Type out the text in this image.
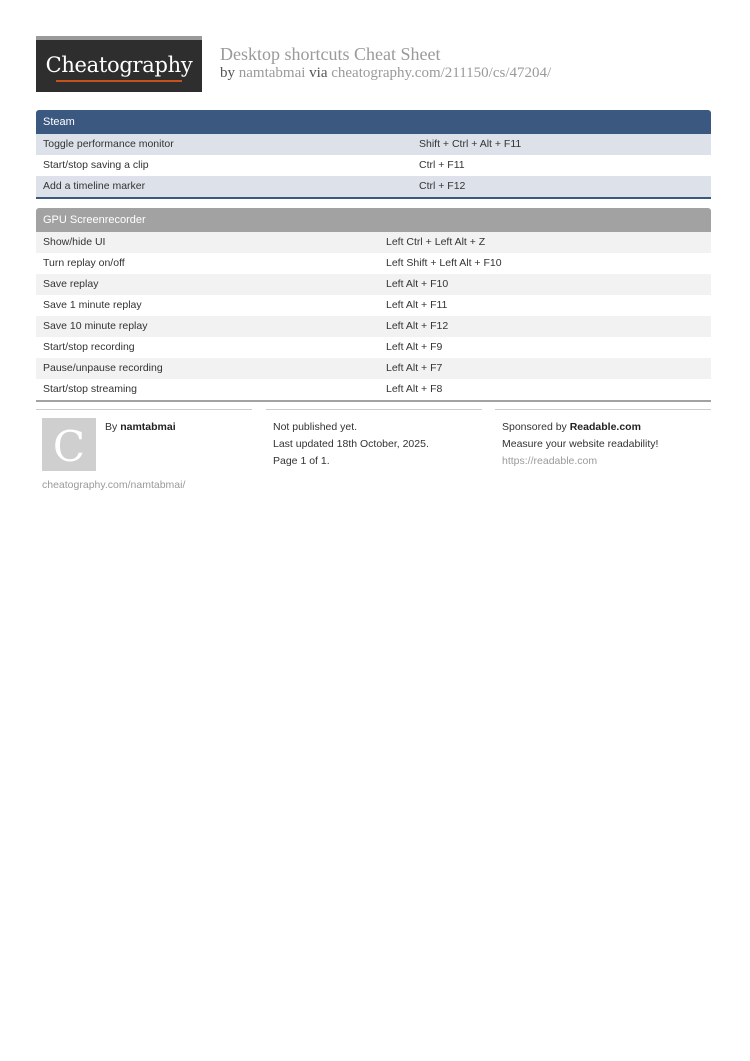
Cheatography	Desktop shortcuts Cheat Sheet
by namtabmai via cheatography.com/211150/cs/47204/
Steam
Toggle performance monitor	Shift + Ctrl + Alt + F11
Start/stop saving a clip	Ctrl + F11
Add a timeline marker	Ctrl + F12
GPU Screenrecorder
Show/hide UI	Left Ctrl + Left Alt + Z
Turn replay on/off	Left Shift + Left Alt + F10
Save replay	Left Alt + F10
Save 1 minute replay	Left Alt + F11
Save 10 minute replay	Left Alt + F12
Start/stop recording	Left Alt + F9
Pause/unpause recording	Left Alt + F7
Start/stop streaming	Left Alt + F8
C	By namtabmai
cheatography.com/namtabmai/
Not published yet.
Last updated 18th October, 2025.
Page 1 of 1.
Sponsored by Readable.com
Measure your website readability!
https://readable.com
